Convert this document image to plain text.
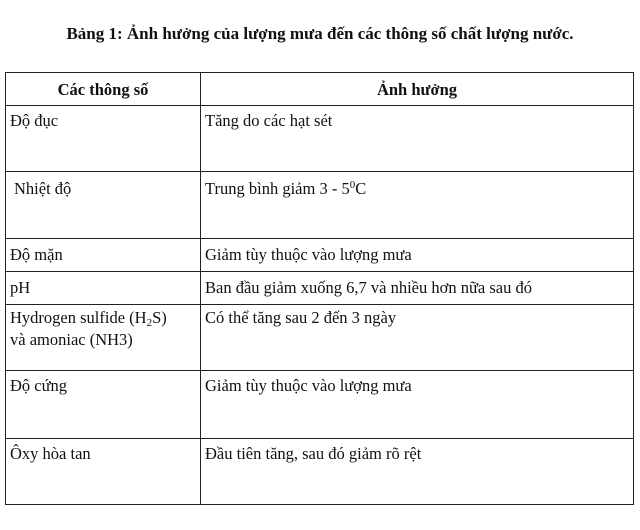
Bảng 1: Ảnh hưởng của lượng mưa đến các thông số chất lượng nước.
Các thông số	Ảnh hưởng
Độ đục	Tăng do các hạt sét
Nhiệt độ	Trung bình giảm $3 - 5^0C$
Độ mặn	Giảm tùy thuộc vào lượng mưa
pH	Ban đầu giảm xuống 6,7 và nhiều hơn nữa sau đó
Hydrogen sulfide $(H_2S)$
và amoniac (NH3)	Có thể tăng sau 2 đến 3 ngày
Độ cứng	Giảm tùy thuộc vào lượng mưa
Ôxy hòa tan	Đầu tiên tăng, sau đó giảm rõ rệt
